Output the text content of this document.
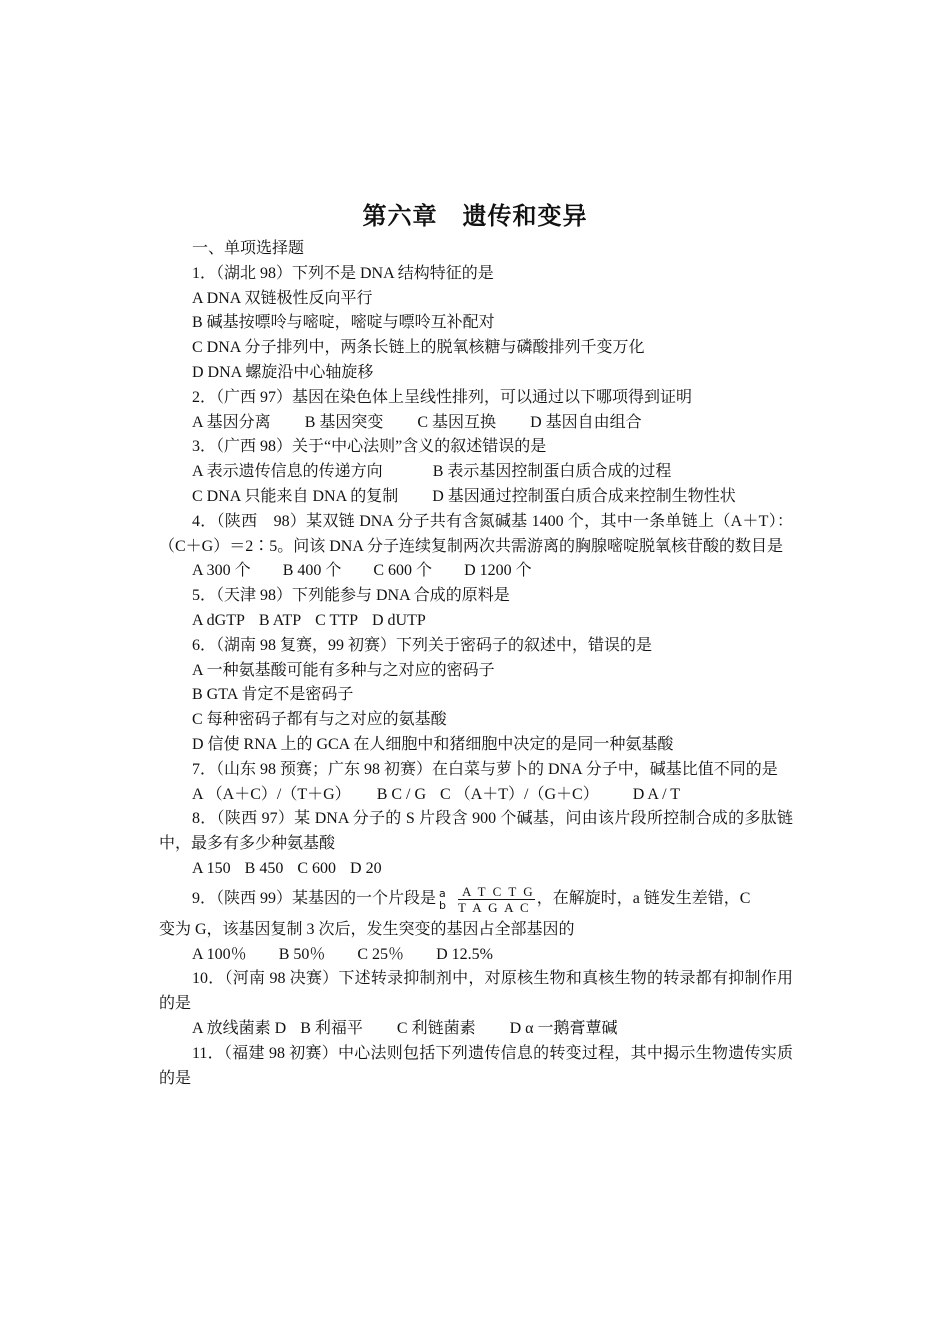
第六章　遗传和变异
一、单项选择题
1．（湖北 98）下列不是 DNA 结构特征的是
A DNA 双链极性反向平行
B 碱基按嘌呤与嘧啶，嘧啶与嘌呤互补配对
C DNA 分子排列中，两条长链上的脱氧核糖与磷酸排列千变万化
D DNA 螺旋沿中心轴旋移
2．（广西 97）基因在染色体上呈线性排列，可以通过以下哪项得到证明
A 基因分离 B 基因突变 C 基因互换 D 基因自由组合
3．（广西 98）关于“中心法则”含义的叙述错误的是
A 表示遗传信息的传递方向	B 表示基因控制蛋白质合成的过程
C DNA 只能来自 DNA 的复制 D 基因通过控制蛋白质合成来控制生物性状
4．（陕西　98）某双链 DNA 分子共有含氮碱基 1400 个，其中一条单链上（A＋T）：（C＋G）＝2∶5。问该 DNA 分子连续复制两次共需游离的胸腺嘧啶脱氧核苷酸的数目是
A 300 个 B 400 个 C 600 个 D 1200 个
5．（天津 98）下列能参与 DNA 合成的原料是
A dGTP B ATP C TTP D dUTP
6．（湖南 98 复赛，99 初赛）下列关于密码子的叙述中，错误的是
A 一种氨基酸可能有多种与之对应的密码子
B GTA 肯定不是密码子
C 每种密码子都有与之对应的氨基酸
D 信使 RNA 上的 GCA 在人细胞中和猪细胞中决定的是同一种氨基酸
7．（山东 98 预赛；广东 98 初赛）在白菜与萝卜的 DNA 分子中，碱基比值不同的是
A （A＋C）/（T＋G） B C / G C （A＋T）/（G＋C） D A / T
8．（陕西 97）某 DNA 分子的 S 片段含 900 个碱基，问由该片段所控制合成的多肽链中，最多有多少种氨基酸
A 150 B 450 C 600 D 20
9．（陕西 99）某基因的一个片段是 a
b
A T C T G
T A G A C
，在解旋时，a 链发生差错，C
变为 G，该基因复制 3 次后，发生突变的基因占全部基因的
A 100％ B 50％ C 25％ D 12.5%
10．（河南 98 决赛）下述转录抑制剂中，对原核生物和真核生物的转录都有抑制作用的是
A 放线菌素 D B 利福平 C 利链菌素 D α 一鹅膏蕈碱
11．（福建 98 初赛）中心法则包括下列遗传信息的转变过程，其中揭示生物遗传实质的是
